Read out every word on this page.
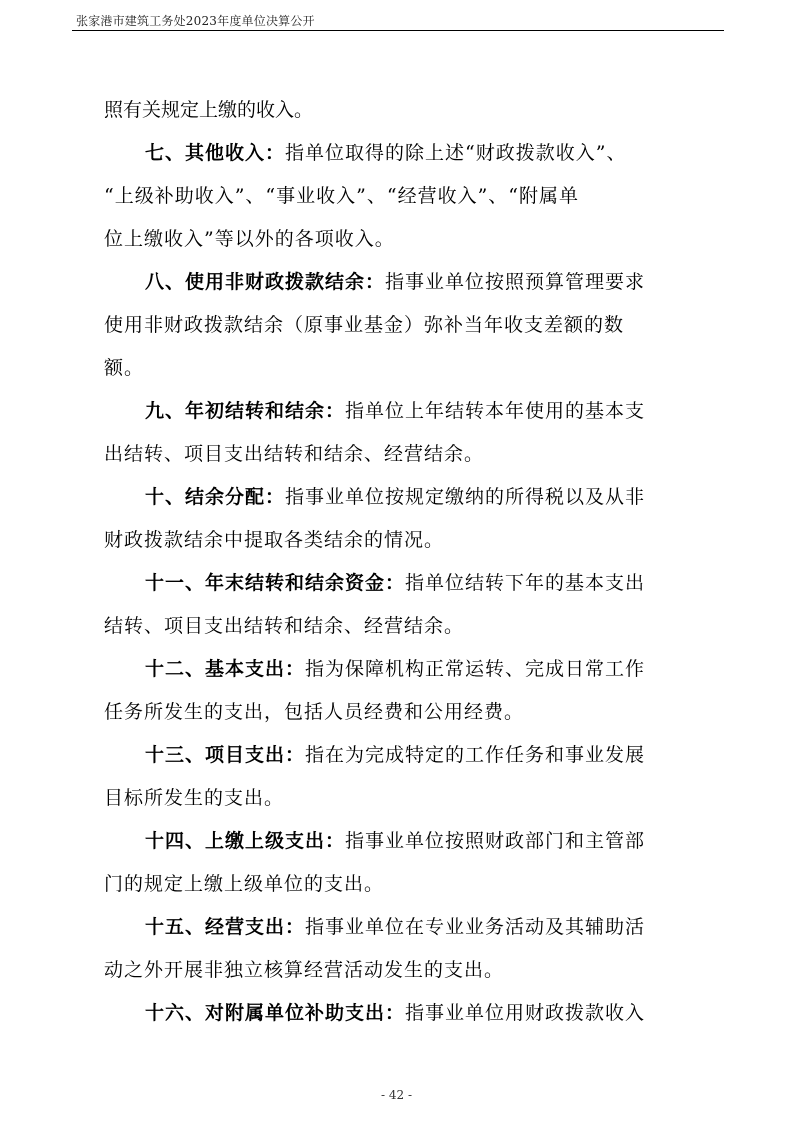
张家港市建筑工务处2023年度单位决算公开
照有关规定上缴的收入。
七、其他收入：指单位取得的除上述“财政拨款收入”、
“上级补助收入”、“事业收入”、“经营收入”、“附属单
位上缴收入”等以外的各项收入。
八、使用非财政拨款结余：指事业单位按照预算管理要求
使用非财政拨款结余（原事业基金）弥补当年收支差额的数
额。
九、年初结转和结余：指单位上年结转本年使用的基本支
出结转、项目支出结转和结余、经营结余。
十、结余分配：指事业单位按规定缴纳的所得税以及从非
财政拨款结余中提取各类结余的情况。
十一、年末结转和结余资金：指单位结转下年的基本支出
结转、项目支出结转和结余、经营结余。
十二、基本支出：指为保障机构正常运转、完成日常工作
任务所发生的支出，包括人员经费和公用经费。
十三、项目支出：指在为完成特定的工作任务和事业发展
目标所发生的支出。
十四、上缴上级支出：指事业单位按照财政部门和主管部
门的规定上缴上级单位的支出。
十五、经营支出：指事业单位在专业业务活动及其辅助活
动之外开展非独立核算经营活动发生的支出。
十六、对附属单位补助支出：指事业单位用财政拨款收入
- 42 -
